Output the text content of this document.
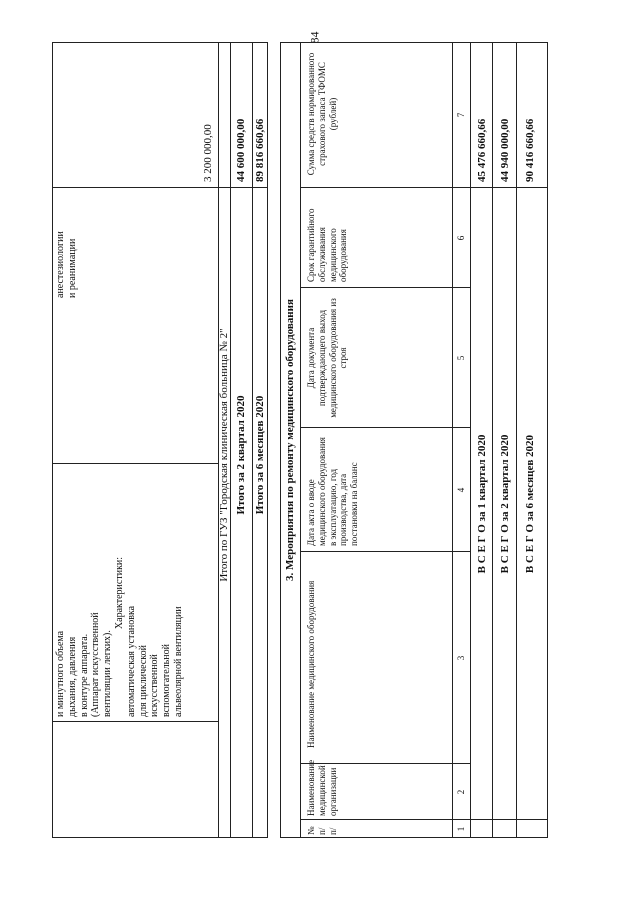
84
и минутного объема дыхания, давления в контуре аппарата. (Аппарат искусственной вентиляции легких).
Характеристики:
автоматическая установка для циклической искусственной вспомогательной альвеолярной вентиляции
анестезиологии и реанимации
3 200 000,00
Итого по ГУЗ "Городская клиническая больница № 2" Итого за 2 квартал 2020
44 600 000,00
Итого за 6 месяцев 2020
89 816 660,66
3. Мероприятия по ремонту медицинского оборудования
№ п/п/
Наименование медицинской организации
Наименование медицинского оборудования
Дата акта о вводе медицинского оборудования в эксплуатацию, год производства, дата постановки на баланс
Дата документа подтверждающего выход медицинского оборудования из строя
Срок гарантийного обслуживания медицинского оборудования
Сумма средств нормированного страхового запаса ТФОМС (рублей)
1
2
3
4
5
6
7
В С Е Г О за 1 квартал 2020
45 476 660,66
В С Е Г О за 2 квартал 2020
44 940 000,00
В С Е Г О за 6 месяцев 2020
90 416 660,66
